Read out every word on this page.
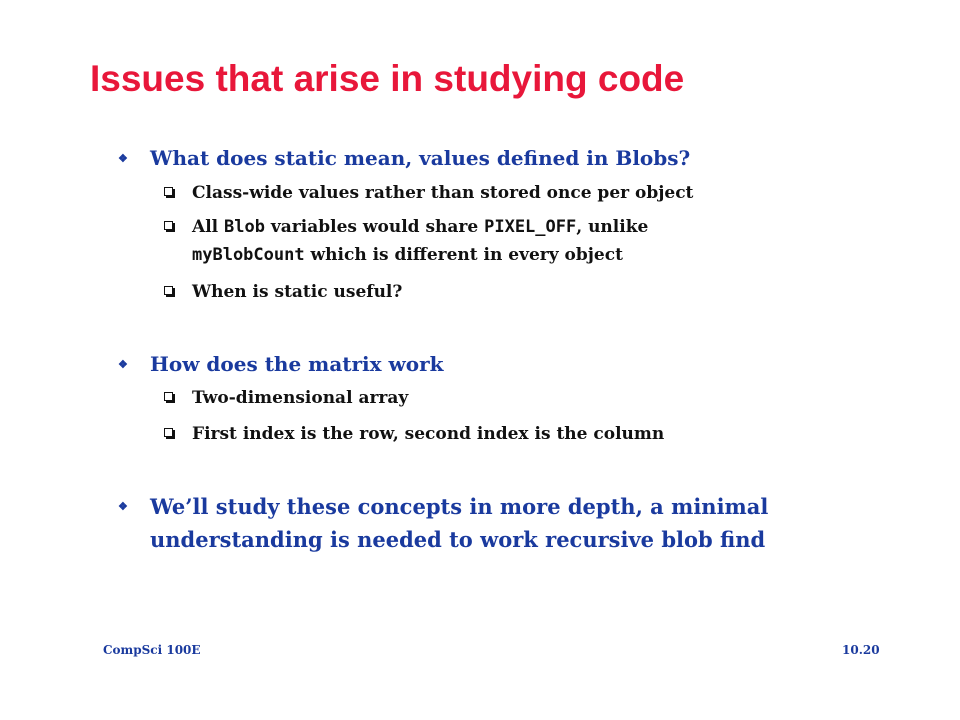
Issues that arise in studying code
❖ What does static mean, values defined in Blobs?
Class-wide values rather than stored once per object
All Blob variables would share PIXEL_OFF, unlike
myBlobCount which is different in every object
When is static useful?
❖ How does the matrix work
Two-dimensional array
First index is the row, second index is the column
❖ We’ll study these concepts in more depth, a minimal
understanding is needed to work recursive blob find
CompSci 100E	10.20
